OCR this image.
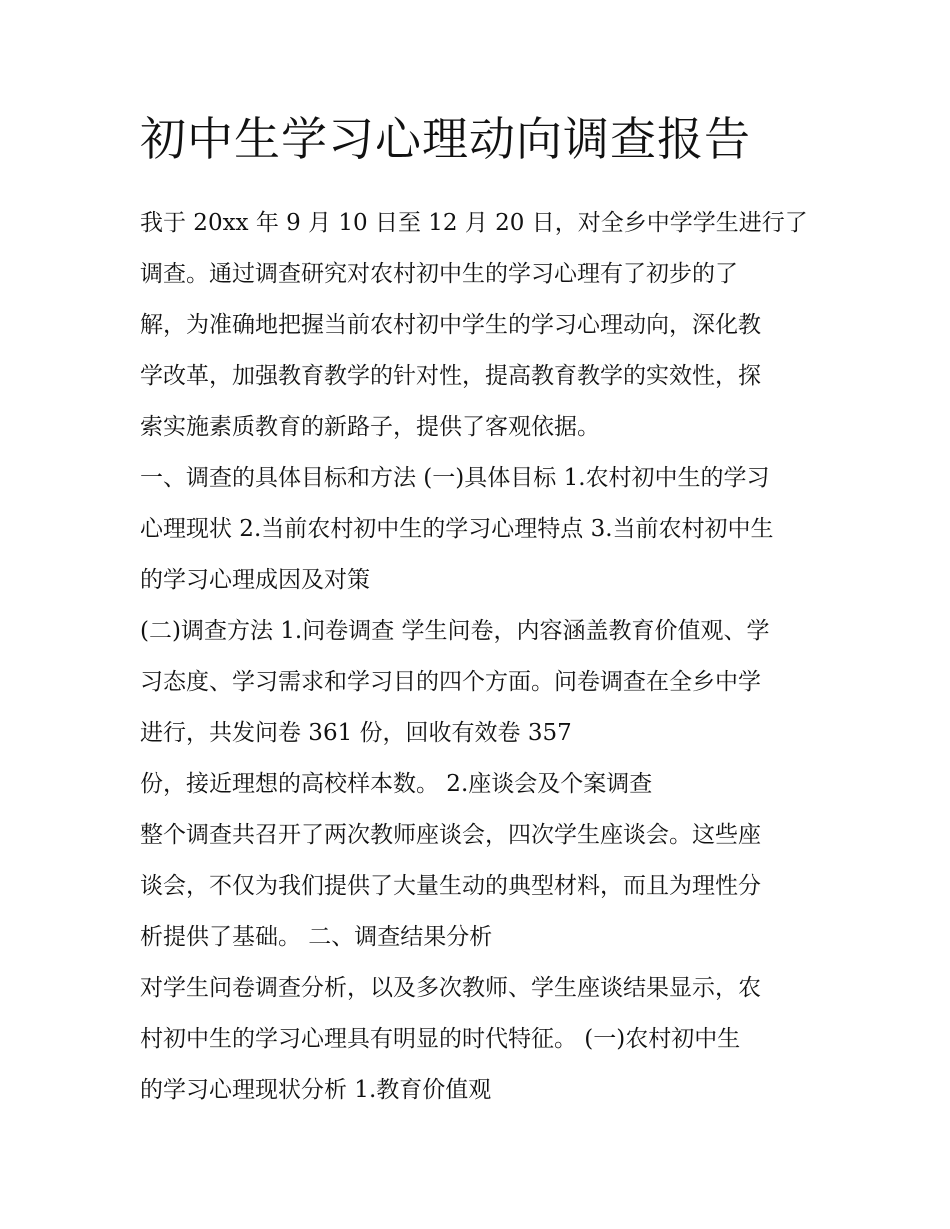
初中生学习心理动向调查报告
我于 20xx 年 9 月 10 日至 12 月 20 日，对全乡中学学生进行了
调查。通过调查研究对农村初中生的学习心理有了初步的了
解，为准确地把握当前农村初中学生的学习心理动向，深化教
学改革，加强教育教学的针对性，提高教育教学的实效性，探
索实施素质教育的新路子，提供了客观依据。
一、调查的具体目标和方法 (一)具体目标 1.农村初中生的学习
心理现状 2.当前农村初中生的学习心理特点 3.当前农村初中生
的学习心理成因及对策
(二)调查方法 1.问卷调查 学生问卷，内容涵盖教育价值观、学
习态度、学习需求和学习目的四个方面。问卷调查在全乡中学
进行，共发问卷 361 份，回收有效卷 357
份，接近理想的高校样本数。 2.座谈会及个案调查
整个调查共召开了两次教师座谈会，四次学生座谈会。这些座
谈会，不仅为我们提供了大量生动的典型材料，而且为理性分
析提供了基础。 二、调查结果分析
对学生问卷调查分析，以及多次教师、学生座谈结果显示，农
村初中生的学习心理具有明显的时代特征。 (一)农村初中生
的学习心理现状分析 1.教育价值观
